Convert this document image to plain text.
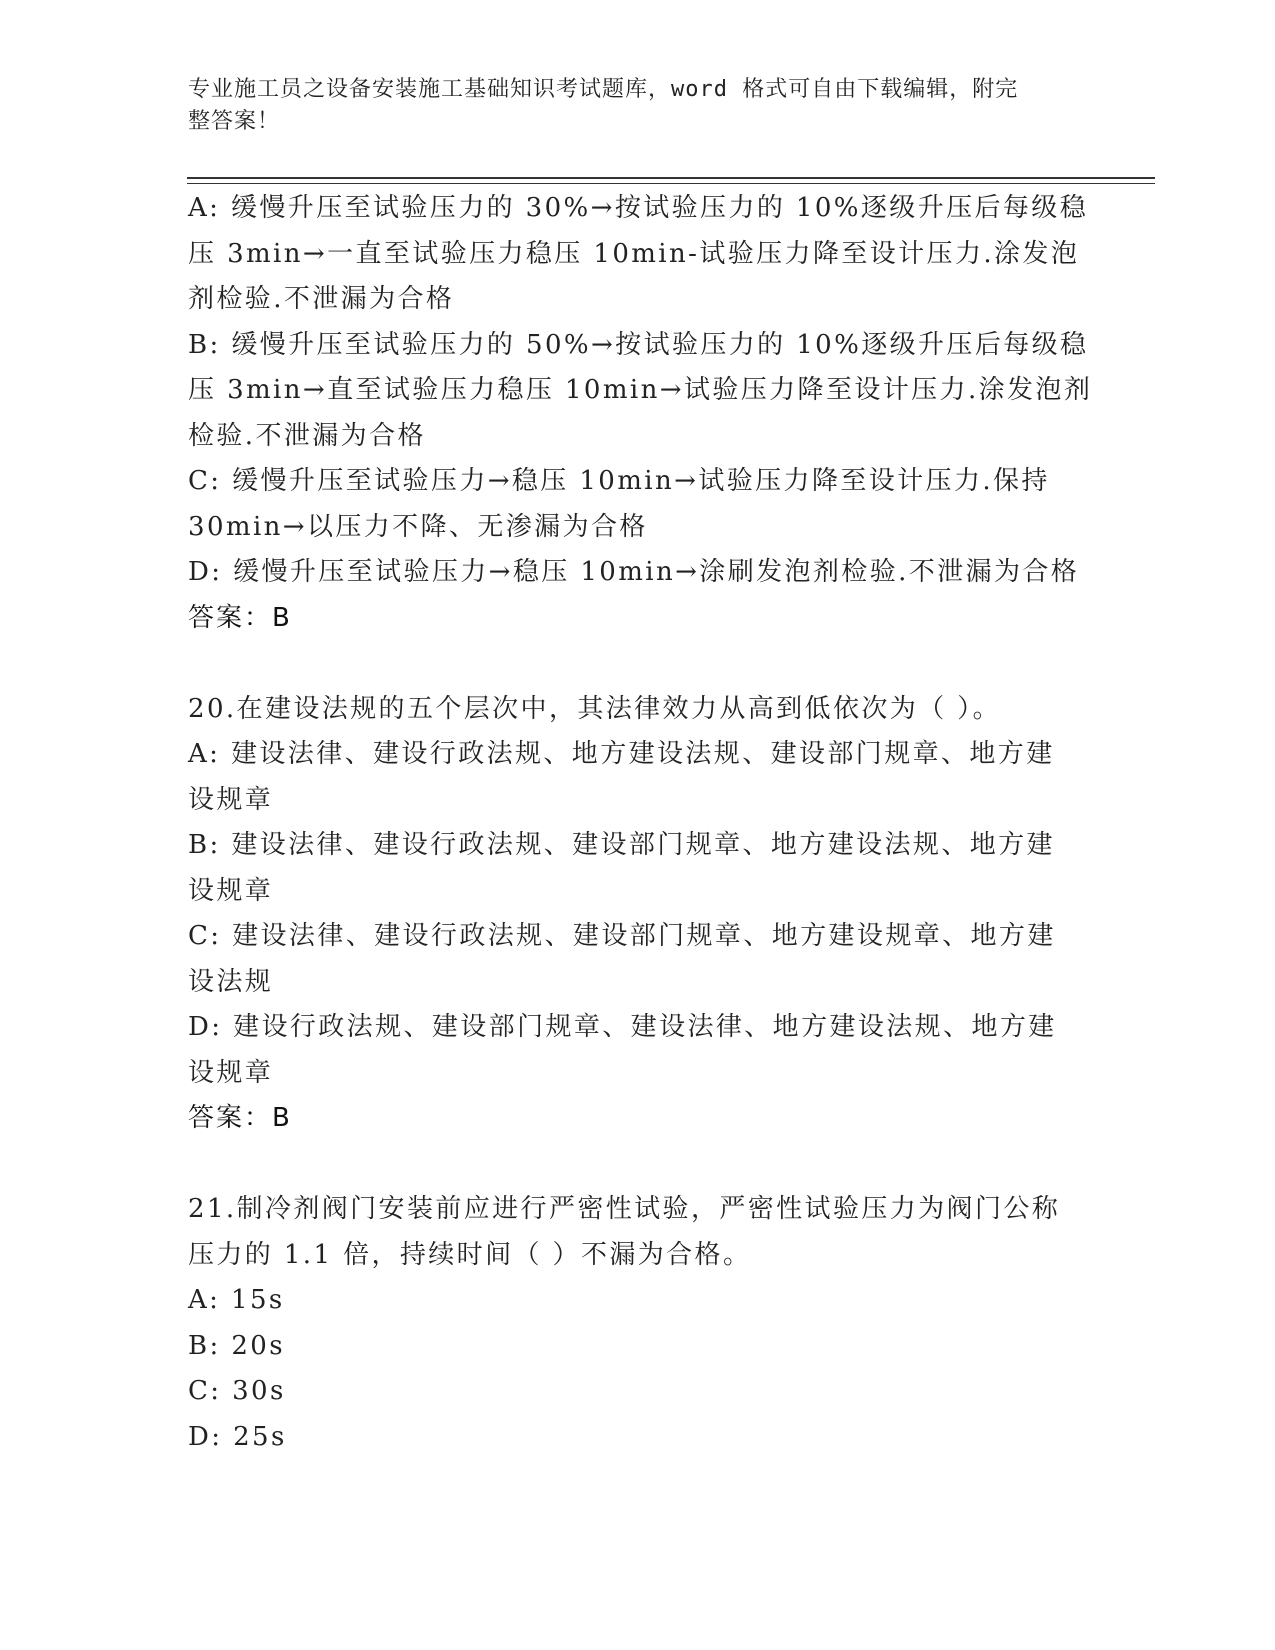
专业施工员之设备安装施工基础知识考试题库，word 格式可自由下载编辑，附完
整答案！
A: 缓慢升压至试验压力的 30%→按试验压力的 10%逐级升压后每级稳
压 3min→一直至试验压力稳压 10min-试验压力降至设计压力.涂发泡
剂检验.不泄漏为合格
B: 缓慢升压至试验压力的 50%→按试验压力的 10%逐级升压后每级稳
压 3min→直至试验压力稳压 10min→试验压力降至设计压力.涂发泡剂
检验.不泄漏为合格
C: 缓慢升压至试验压力→稳压 10min→试验压力降至设计压力.保持
30min→以压力不降、无渗漏为合格
D: 缓慢升压至试验压力→稳压 10min→涂刷发泡剂检验.不泄漏为合格
答案：B
20.在建设法规的五个层次中，其法律效力从高到低依次为（ ）。
A: 建设法律、建设行政法规、地方建设法规、建设部门规章、地方建
设规章
B: 建设法律、建设行政法规、建设部门规章、地方建设法规、地方建
设规章
C: 建设法律、建设行政法规、建设部门规章、地方建设规章、地方建
设法规
D: 建设行政法规、建设部门规章、建设法律、地方建设法规、地方建
设规章
答案：B
21.制冷剂阀门安装前应进行严密性试验，严密性试验压力为阀门公称
压力的 1.1 倍，持续时间（ ）不漏为合格。
A: 15s
B: 20s
C: 30s
D: 25s
